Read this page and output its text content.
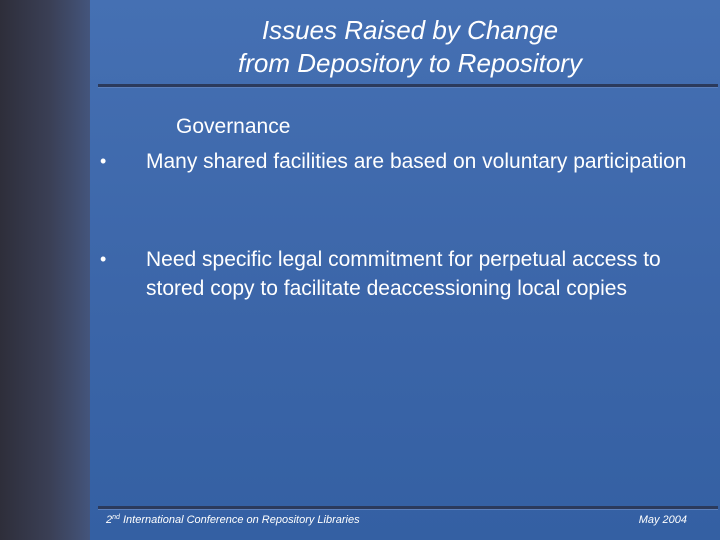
Issues Raised by Change
from Depository to Repository
Governance
• Many shared facilities are based on voluntary participation
• Need specific legal commitment for perpetual access to stored copy to facilitate deaccessioning local copies
2nd International Conference on Repository Libraries	May 2004
